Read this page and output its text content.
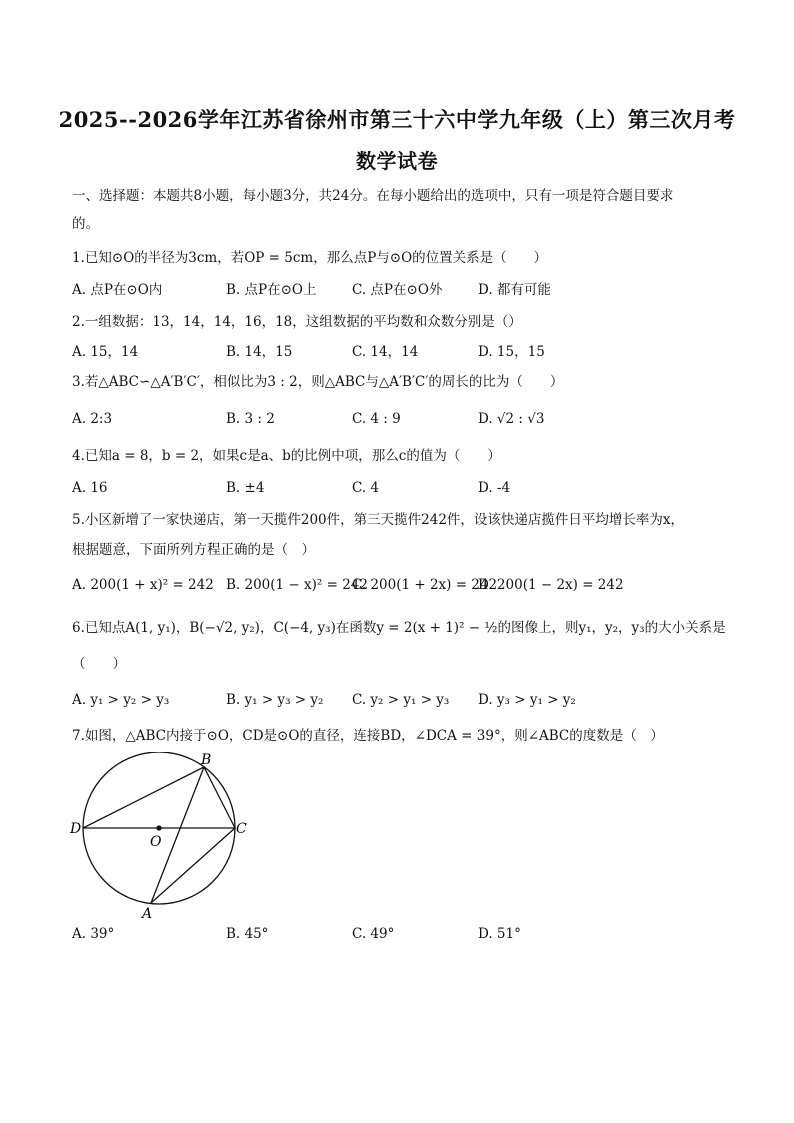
2025--2026学年江苏省徐州市第三十六中学九年级（上）第三次月考
数学试卷
一、选择题：本题共8小题，每小题3分，共24分。在每小题给出的选项中，只有一项是符合题目要求
的。
1.已知⊙O的半径为3cm，若OP = 5cm，那么点P与⊙O的位置关系是（　　）
A. 点P在⊙O内	B. 点P在⊙O上	C. 点P在⊙O外	D. 都有可能
2.一组数据：13，14，14，16，18，这组数据的平均数和众数分别是（）
A. 15，14	B. 14，15	C. 14，14	D. 15，15
3.若△ABC∽△A′B′C′，相似比为3 : 2，则△ABC与△A′B′C′的周长的比为（　　）
A. 2:3	B. 3 : 2	C. 4 : 9	D. √2 : √3
4.已知a = 8，b = 2，如果c是a、b的比例中项，那么c的值为（　　）
A. 16	B. ±4	C. 4	D. -4
5.小区新增了一家快递店，第一天揽件200件，第三天揽件242件，设该快递店揽件日平均增长率为x，
根据题意，下面所列方程正确的是（　）
A. 200(1 + x)² = 242 B. 200(1 − x)² = 242
C. 200(1 + 2x) = 242
D. 200(1 − 2x) = 242
6.已知点A(1, y₁)，B(−√2, y₂)，C(−4, y₃)在函数y = 2(x + 1)² − ½的图像上，则y₁，y₂，y₃的大小关系是
（　　）
A. y₁ > y₂ > y₃	B. y₁ > y₃ > y₂ C. y₂ > y₁ > y₃ D. y₃ > y₁ > y₂
7.如图，△ABC内接于⊙O，CD是⊙O的直径，连接BD，∠DCA = 39°，则∠ABC的度数是（　）
B
D	C
O
A
A. 39°	B. 45°	C. 49°	D. 51°
